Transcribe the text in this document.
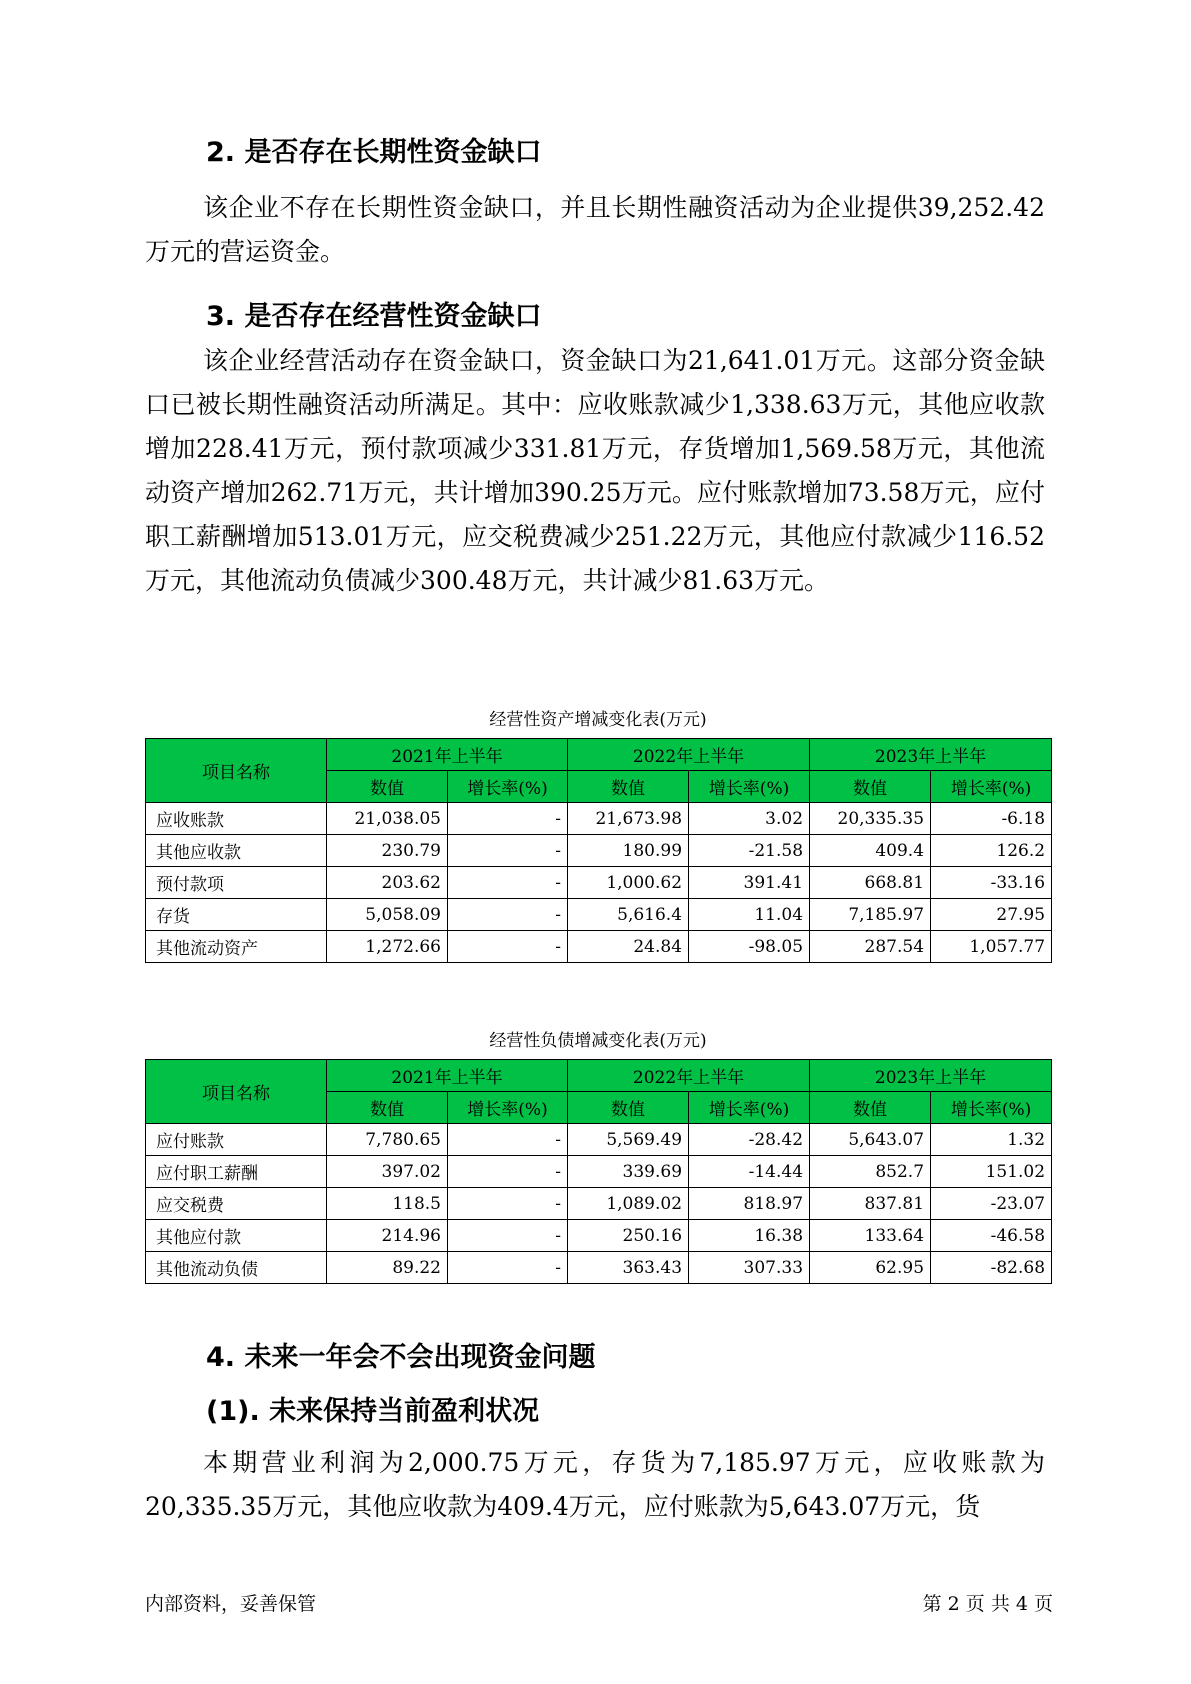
2. 是否存在长期性资金缺口

该企业不存在长期性资金缺口，并且长期性融资活动为企业提供39,252.42万元的营运资金。

3. 是否存在经营性资金缺口

该企业经营活动存在资金缺口，资金缺口为21,641.01万元。这部分资金缺口已被长期性融资活动所满足。其中：应收账款减少1,338.63万元，其他应收款增加228.41万元，预付款项减少331.81万元，存货增加1,569.58万元，其他流动资产增加262.71万元，共计增加390.25万元。应付账款增加73.58万元，应付职工薪酬增加513.01万元，应交税费减少251.22万元，其他应付款减少116.52万元，其他流动负债减少300.48万元，共计减少81.63万元。

经营性资产增减变化表(万元)
项目名称	2021年上半年		2022年上半年		2023年上半年	
	数值	增长率(%)	数值	增长率(%)	数值	增长率(%)
应收账款	21,038.05	-	21,673.98	3.02	20,335.35	-6.18
其他应收款	230.79	-	180.99	-21.58	409.4	126.2
预付款项	203.62	-	1,000.62	391.41	668.81	-33.16
存货	5,058.09	-	5,616.4	11.04	7,185.97	27.95
其他流动资产	1,272.66	-	24.84	-98.05	287.54	1,057.77
经营性负债增减变化表(万元)
项目名称	2021年上半年		2022年上半年		2023年上半年	
	数值	增长率(%)	数值	增长率(%)	数值	增长率(%)
应付账款	7,780.65	-	5,569.49	-28.42	5,643.07	1.32
应付职工薪酬	397.02	-	339.69	-14.44	852.7	151.02
应交税费	118.5	-	1,089.02	818.97	837.81	-23.07
其他应付款	214.96	-	250.16	16.38	133.64	-46.58
其他流动负债	89.22	-	363.43	307.33	62.95	-82.68
4. 未来一年会不会出现资金问题
(1). 未来保持当前盈利状况

本期营业利润为2,000.75万元，存货为7,185.97万元，应收账款为20,335.35万元，其他应收款为409.4万元，应付账款为5,643.07万元，货

内部资料，妥善保管	第 2 页 共 4 页
